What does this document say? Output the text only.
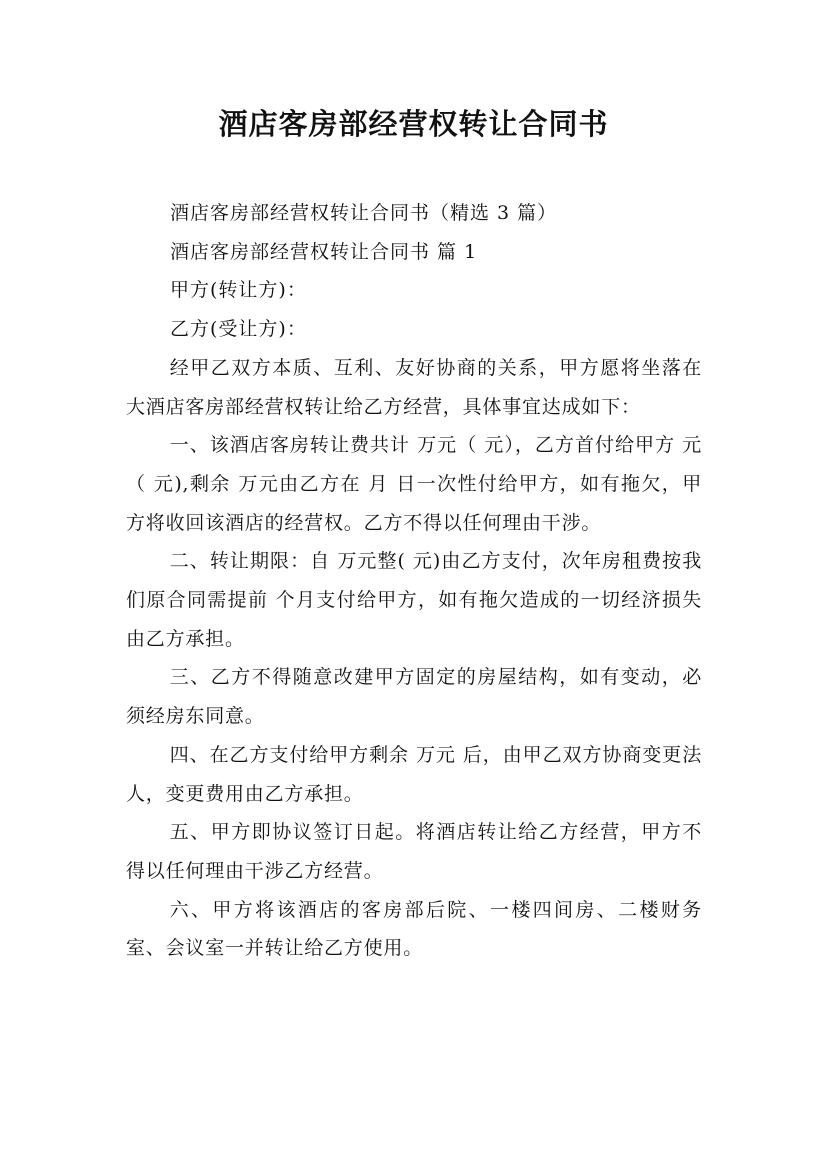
酒店客房部经营权转让合同书
酒店客房部经营权转让合同书（精选 3 篇）
酒店客房部经营权转让合同书 篇 1
甲方(转让方)：
乙方(受让方)：

经甲乙双方本质、互利、友好协商的关系，甲方愿将坐落在 大酒店客房部经营权转让给乙方经营，具体事宜达成如下：

一、该酒店客房转让费共计 万元（ 元），乙方首付给甲方 元（ 元),剩余 万元由乙方在 月 日一次性付给甲方，如有拖欠，甲方将收回该酒店的经营权。乙方不得以任何理由干涉。

二、转让期限：自 万元整( 元)由乙方支付，次年房租费按我们原合同需提前 个月支付给甲方，如有拖欠造成的一切经济损失由乙方承担。

三、乙方不得随意改建甲方固定的房屋结构，如有变动，必须经房东同意。

四、在乙方支付给甲方剩余 万元 后，由甲乙双方协商变更法人，变更费用由乙方承担。

五、甲方即协议签订日起。将酒店转让给乙方经营，甲方不得以任何理由干涉乙方经营。

六、甲方将该酒店的客房部后院、一楼四间房、二楼财务室、会议室一并转让给乙方使用。
